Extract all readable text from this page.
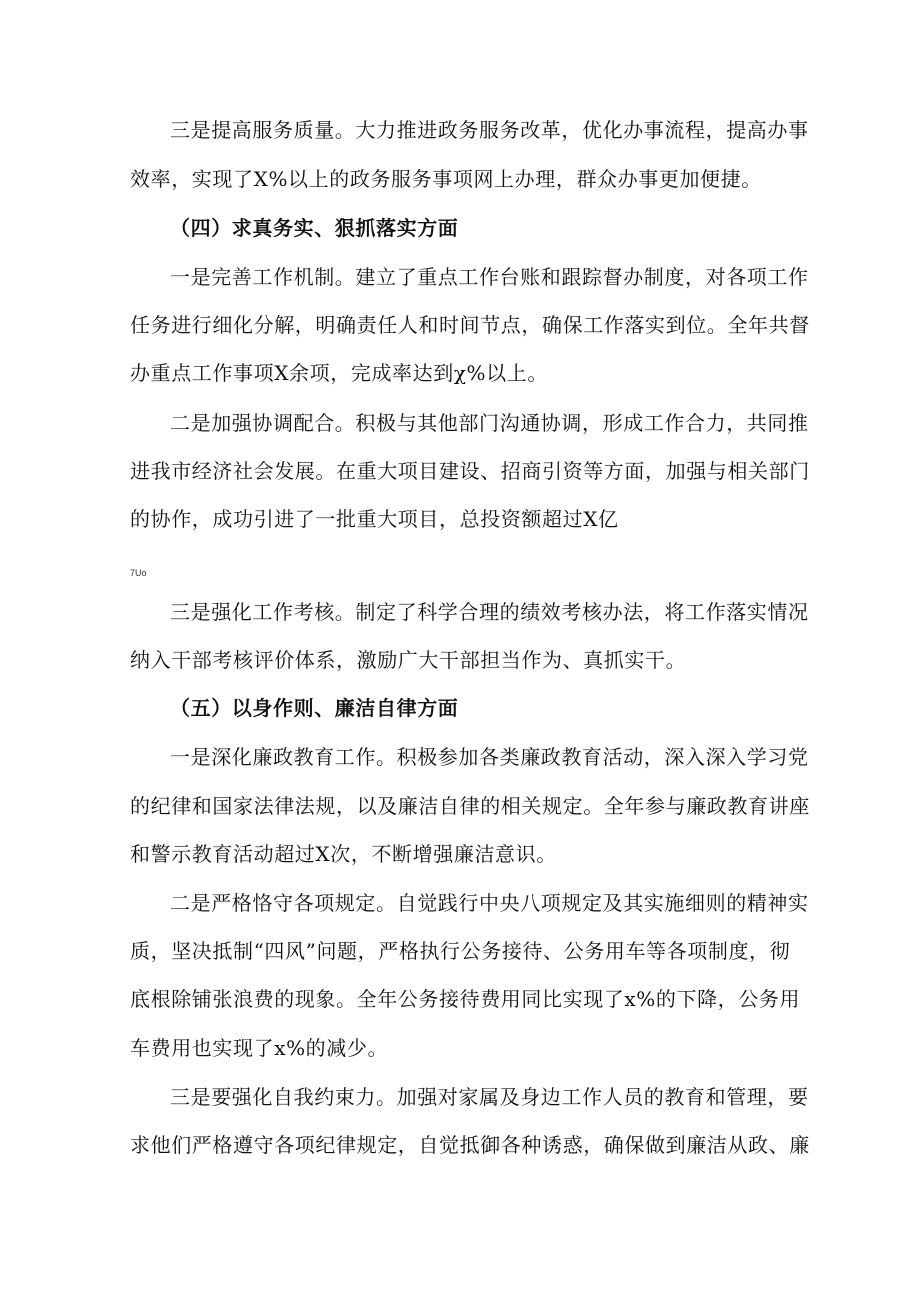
三是提高服务质量。大力推进政务服务改革，优化办事流程，提高办事
效率，实现了X%以上的政务服务事项网上办理，群众办事更加便捷。
（四）求真务实、狠抓落实方面
一是完善工作机制。建立了重点工作台账和跟踪督办制度，对各项工作
任务进行细化分解，明确责任人和时间节点，确保工作落实到位。全年共督
办重点工作事项X余项，完成率达到χ%以上。
二是加强协调配合。积极与其他部门沟通协调，形成工作合力，共同推
进我市经济社会发展。在重大项目建设、招商引资等方面，加强与相关部门
的协作，成功引进了一批重大项目，总投资额超过X亿
7Uo
三是强化工作考核。制定了科学合理的绩效考核办法，将工作落实情况
纳入干部考核评价体系，激励广大干部担当作为、真抓实干。
（五）以身作则、廉洁自律方面
一是深化廉政教育工作。积极参加各类廉政教育活动，深入深入学习党
的纪律和国家法律法规，以及廉洁自律的相关规定。全年参与廉政教育讲座
和警示教育活动超过X次，不断增强廉洁意识。
二是严格恪守各项规定。自觉践行中央八项规定及其实施细则的精神实
质，坚决抵制“四风”问题，严格执行公务接待、公务用车等各项制度，彻
底根除铺张浪费的现象。全年公务接待费用同比实现了x%的下降，公务用
车费用也实现了x%的减少。
三是要强化自我约束力。加强对家属及身边工作人员的教育和管理，要
求他们严格遵守各项纪律规定，自觉抵御各种诱惑，确保做到廉洁从政、廉
